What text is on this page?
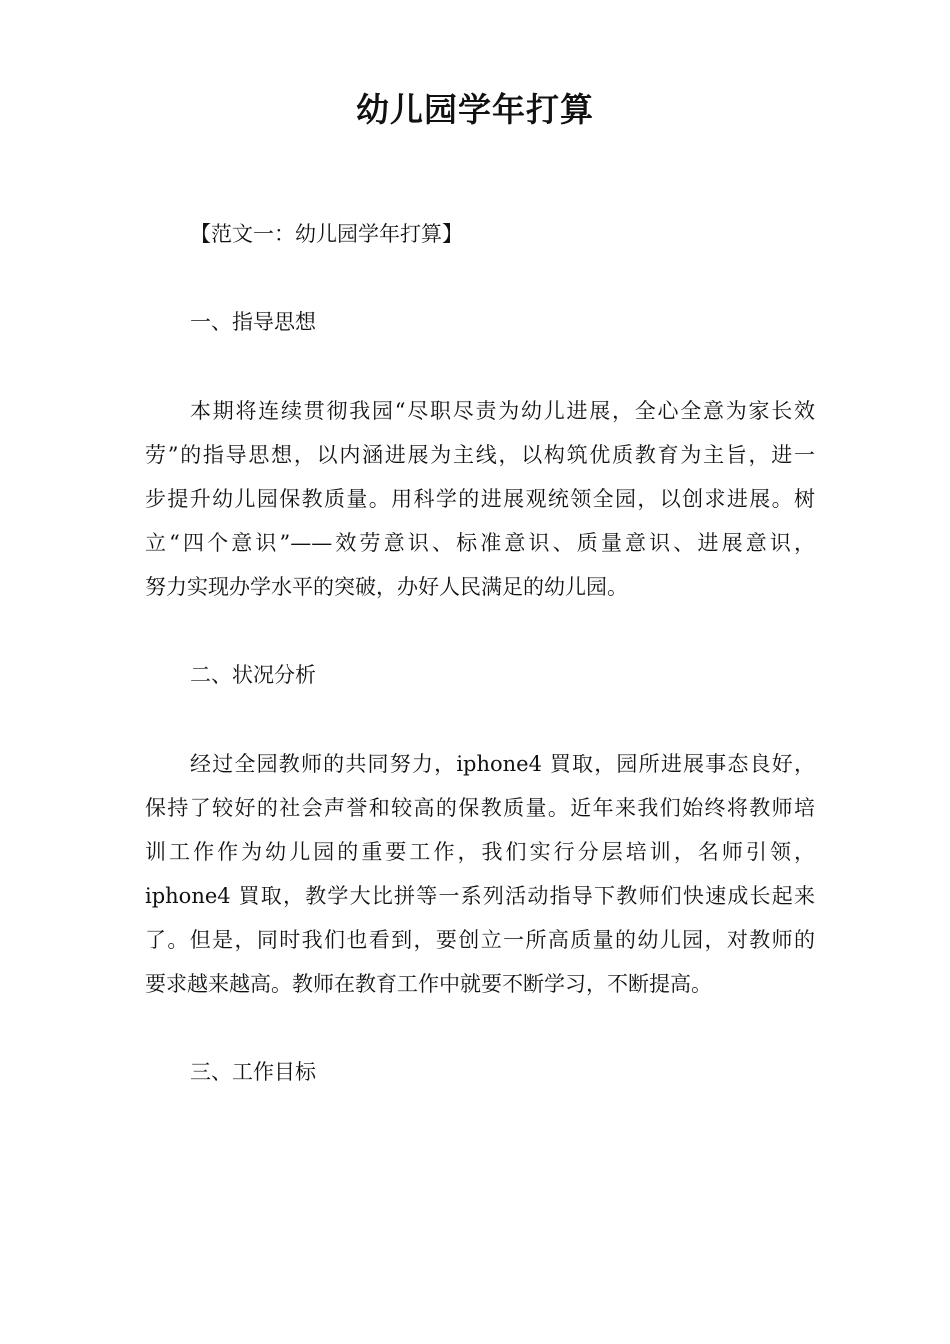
幼儿园学年打算
【范文一：幼儿园学年打算】
一、指导思想
本期将连续贯彻我园“尽职尽责为幼儿进展，全心全意为家长效
劳”的指导思想，以内涵进展为主线，以构筑优质教育为主旨，进一
步提升幼儿园保教质量。用科学的进展观统领全园，以创求进展。树
立“四个意识”——效劳意识、标准意识、质量意识、进展意识，
努力实现办学水平的突破，办好人民满足的幼儿园。
二、状况分析
经过全园教师的共同努力，iphone4 買取，园所进展事态良好，
保持了较好的社会声誉和较高的保教质量。近年来我们始终将教师培
训工作作为幼儿园的重要工作，我们实行分层培训，名师引领，
iphone4 買取，教学大比拼等一系列活动指导下教师们快速成长起来
了。但是，同时我们也看到，要创立一所高质量的幼儿园，对教师的
要求越来越高。教师在教育工作中就要不断学习，不断提高。
三、工作目标
